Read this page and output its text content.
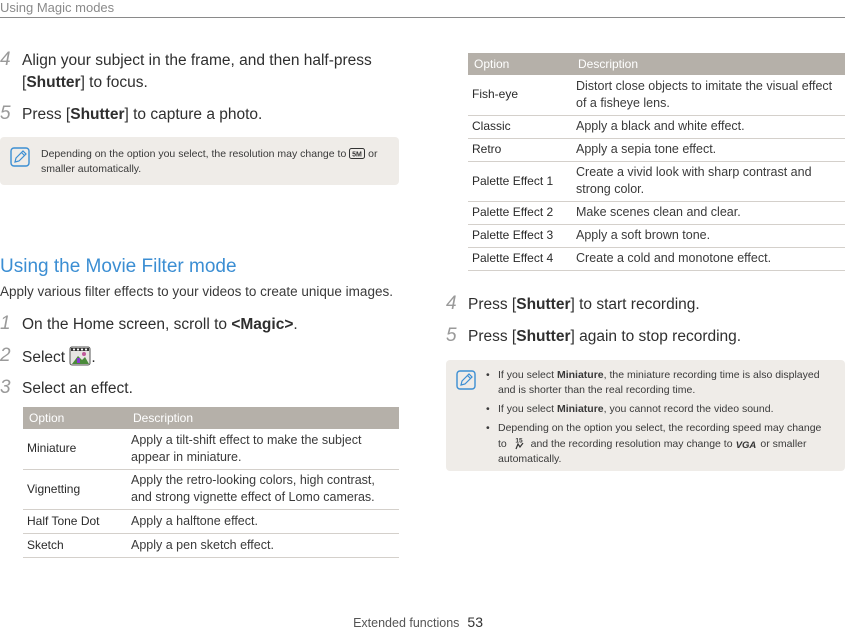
Using Magic modes
4 Align your subject in the frame, and then half-press
[Shutter] to focus.
5 Press [Shutter] to capture a photo.
Depending on the option you select, the resolution may change to 5M or
smaller automatically.
Using the Movie Filter mode
Apply various filter effects to your videos to create unique images.
1 On the Home screen, scroll to <Magic>.
2 Select .
3 Select an effect.
Option	Description
Miniature	Apply a tilt-shift effect to make the subject
appear in miniature.
Vignetting	Apply the retro-looking colors, high contrast,
and strong vignette effect of Lomo cameras.
Half Tone Dot	Apply a halftone effect.
Sketch	Apply a pen sketch effect.
Option	Description
Fish-eye	Distort close objects to imitate the visual effect
of a fisheye lens.
Classic	Apply a black and white effect.
Retro	Apply a sepia tone effect.
Palette Effect 1	Create a vivid look with sharp contrast and
strong color.
Palette Effect 2	Make scenes clean and clear.
Palette Effect 3	Apply a soft brown tone.
Palette Effect 4	Create a cold and monotone effect.
4 Press [Shutter] to start recording.
5 Press [Shutter] again to stop recording.
• If you select Miniature, the miniature recording time is also displayed
and is shorter than the real recording time.
• If you select Miniature, you cannot record the video sound.
• Depending on the option you select, the recording speed may change
to 15 and the recording resolution may change to VGA or smaller
automatically.
Extended functions 53
